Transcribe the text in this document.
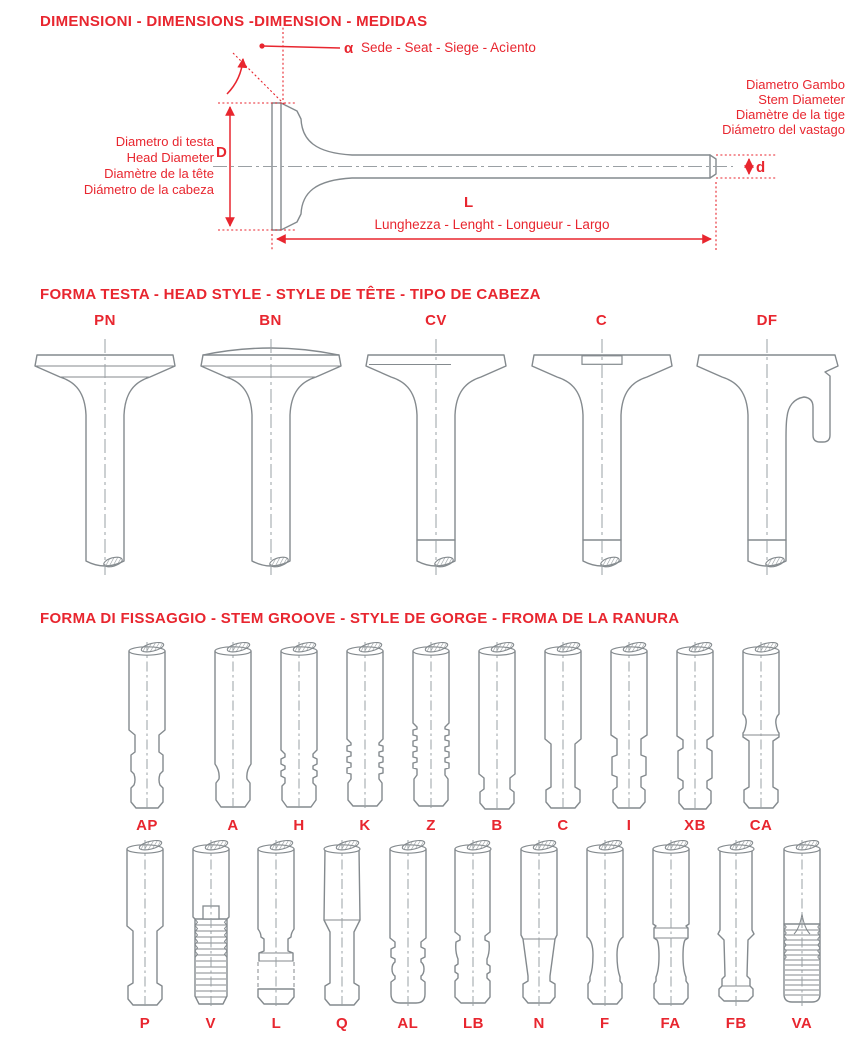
DIMENSIONI - DIMENSIONS -DIMENSION - MEDIDAS
α Sede - Seat - Siege - Acìento
Diametro Gambo
Stem Diameter
Diamètre de la tige
Diámetro del vastago
Diametro di testa
Head Diameter
Diamètre de la tête
Diámetro de la cabeza
D
d
L
Lunghezza - Lenght - Longueur - Largo
FORMA TESTA - HEAD STYLE - STYLE DE TÊTE - TIPO DE CABEZA
PN	BN	CV	C	DF
FORMA DI FISSAGGIO - STEM GROOVE - STYLE DE GORGE - FROMA DE LA RANURA
AP	A	H	K	Z	B	C	I	XB	CA
P	V	L	Q	AL	LB	N	F	FA	FB	VA
